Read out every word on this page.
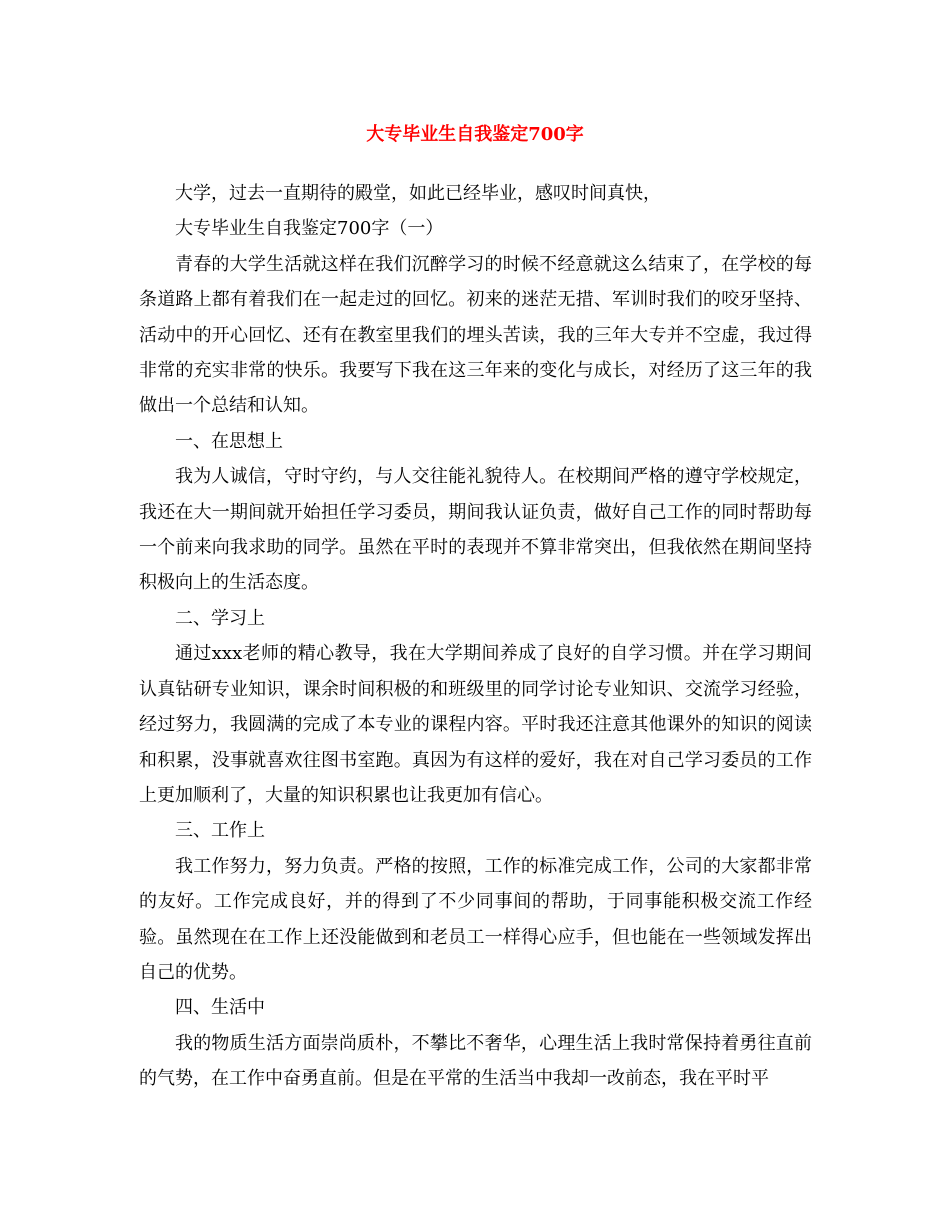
大专毕业生自我鉴定700字

大学，过去一直期待的殿堂，如此已经毕业，感叹时间真快，

大专毕业生自我鉴定700字（一）

青春的大学生活就这样在我们沉醉学习的时候不经意就这么结束了，在学校的每条道路上都有着我们在一起走过的回忆。初来的迷茫无措、军训时我们的咬牙坚持、活动中的开心回忆、还有在教室里我们的埋头苦读，我的三年大专并不空虚，我过得非常的充实非常的快乐。我要写下我在这三年来的变化与成长，对经历了这三年的我做出一个总结和认知。

一、在思想上

我为人诚信，守时守约，与人交往能礼貌待人。在校期间严格的遵守学校规定，我还在大一期间就开始担任学习委员，期间我认证负责，做好自己工作的同时帮助每一个前来向我求助的同学。虽然在平时的表现并不算非常突出，但我依然在期间坚持积极向上的生活态度。

二、学习上

通过xxx老师的精心教导，我在大学期间养成了良好的自学习惯。并在学习期间认真钻研专业知识，课余时间积极的和班级里的同学讨论专业知识、交流学习经验，经过努力，我圆满的完成了本专业的课程内容。平时我还注意其他课外的知识的阅读和积累，没事就喜欢往图书室跑。真因为有这样的爱好，我在对自己学习委员的工作上更加顺利了，大量的知识积累也让我更加有信心。

三、工作上

我工作努力，努力负责。严格的按照，工作的标准完成工作，公司的大家都非常的友好。工作完成良好，并的得到了不少同事间的帮助，于同事能积极交流工作经验。虽然现在在工作上还没能做到和老员工一样得心应手，但也能在一些领域发挥出自己的优势。

四、生活中

我的物质生活方面崇尚质朴，不攀比不奢华，心理生活上我时常保持着勇往直前的气势，在工作中奋勇直前。但是在平常的生活当中我却一改前态，我在平时平
